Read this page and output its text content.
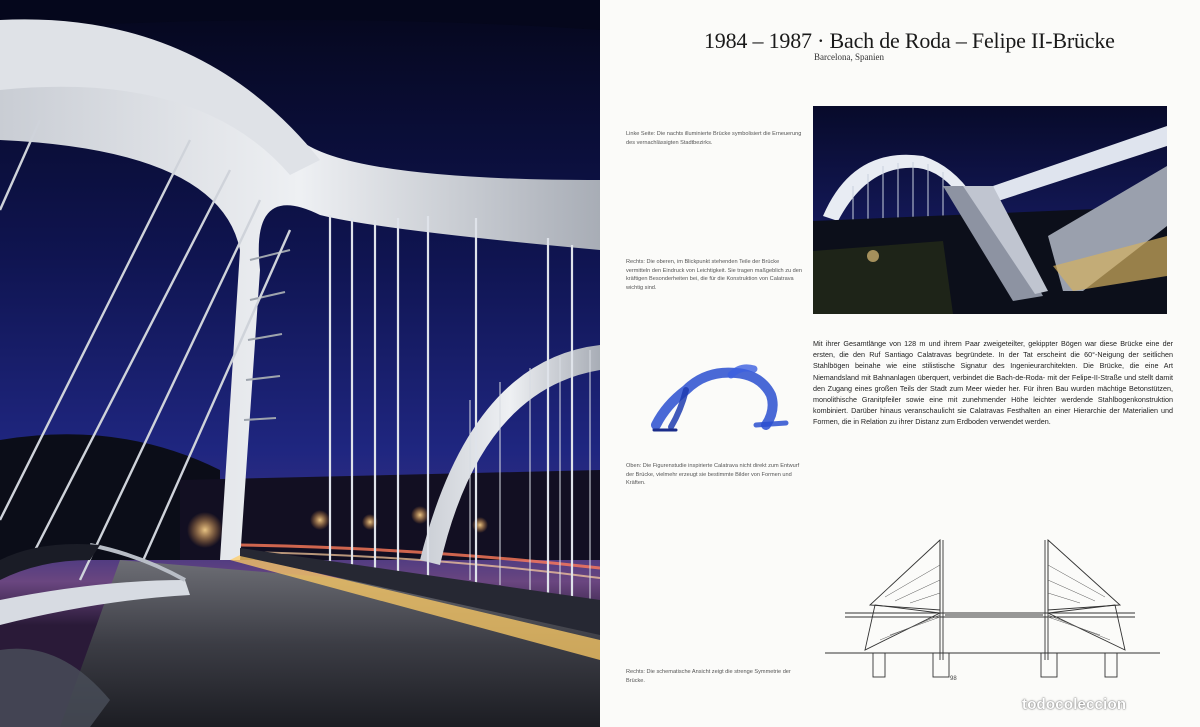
1984 – 1987 · Bach de Roda – Felipe II-Brücke
Barcelona, Spanien
Linke Seite: Die nachts illuminierte Brücke symbolisiert die Erneuerung des vernachlässigten Stadtbezirks.
Rechts: Die oberen, im Blickpunkt stehenden Teile der Brücke vermitteln den Eindruck von Leichtigkeit. Sie tragen maßgeblich zu den kräftigen Besonderheiten bei, die für die Konstruktion von Calatrava wichtig sind.
Oben: Die Figurenstudie inspirierte Calatrava nicht direkt zum Entwurf der Brücke, vielmehr erzeugt sie bestimmte Bilder von Formen und Kräften.
Mit ihrer Gesamtlänge von 128 m und ihrem Paar zweigeteilter, gekippter Bögen war diese Brücke eine der ersten, die den Ruf Santiago Calatravas begründete. In der Tat erscheint die 60°-Neigung der seitlichen Stahlbögen beinahe wie eine stilistische Signatur des Ingenieurarchitekten. Die Brücke, die eine Art Niemandsland mit Bahnanlagen überquert, verbindet die Bach-de-Roda- mit der Felipe-II-Straße und stellt damit den Zugang eines großen Teils der Stadt zum Meer wieder her. Für ihren Bau wurden mächtige Betonstützen, monolithische Granitpfeiler sowie eine mit zunehmender Höhe leichter werdende Stahlbogenkonstruktion kombiniert. Darüber hinaus veranschaulicht sie Calatravas Festhalten an einer Hierarchie der Materialien und Formen, die in Relation zu ihrer Distanz zum Erdboden verwendet werden.
Rechts: Die schematische Ansicht zeigt die strenge Symmetrie der Brücke.	98
todocoleccion
